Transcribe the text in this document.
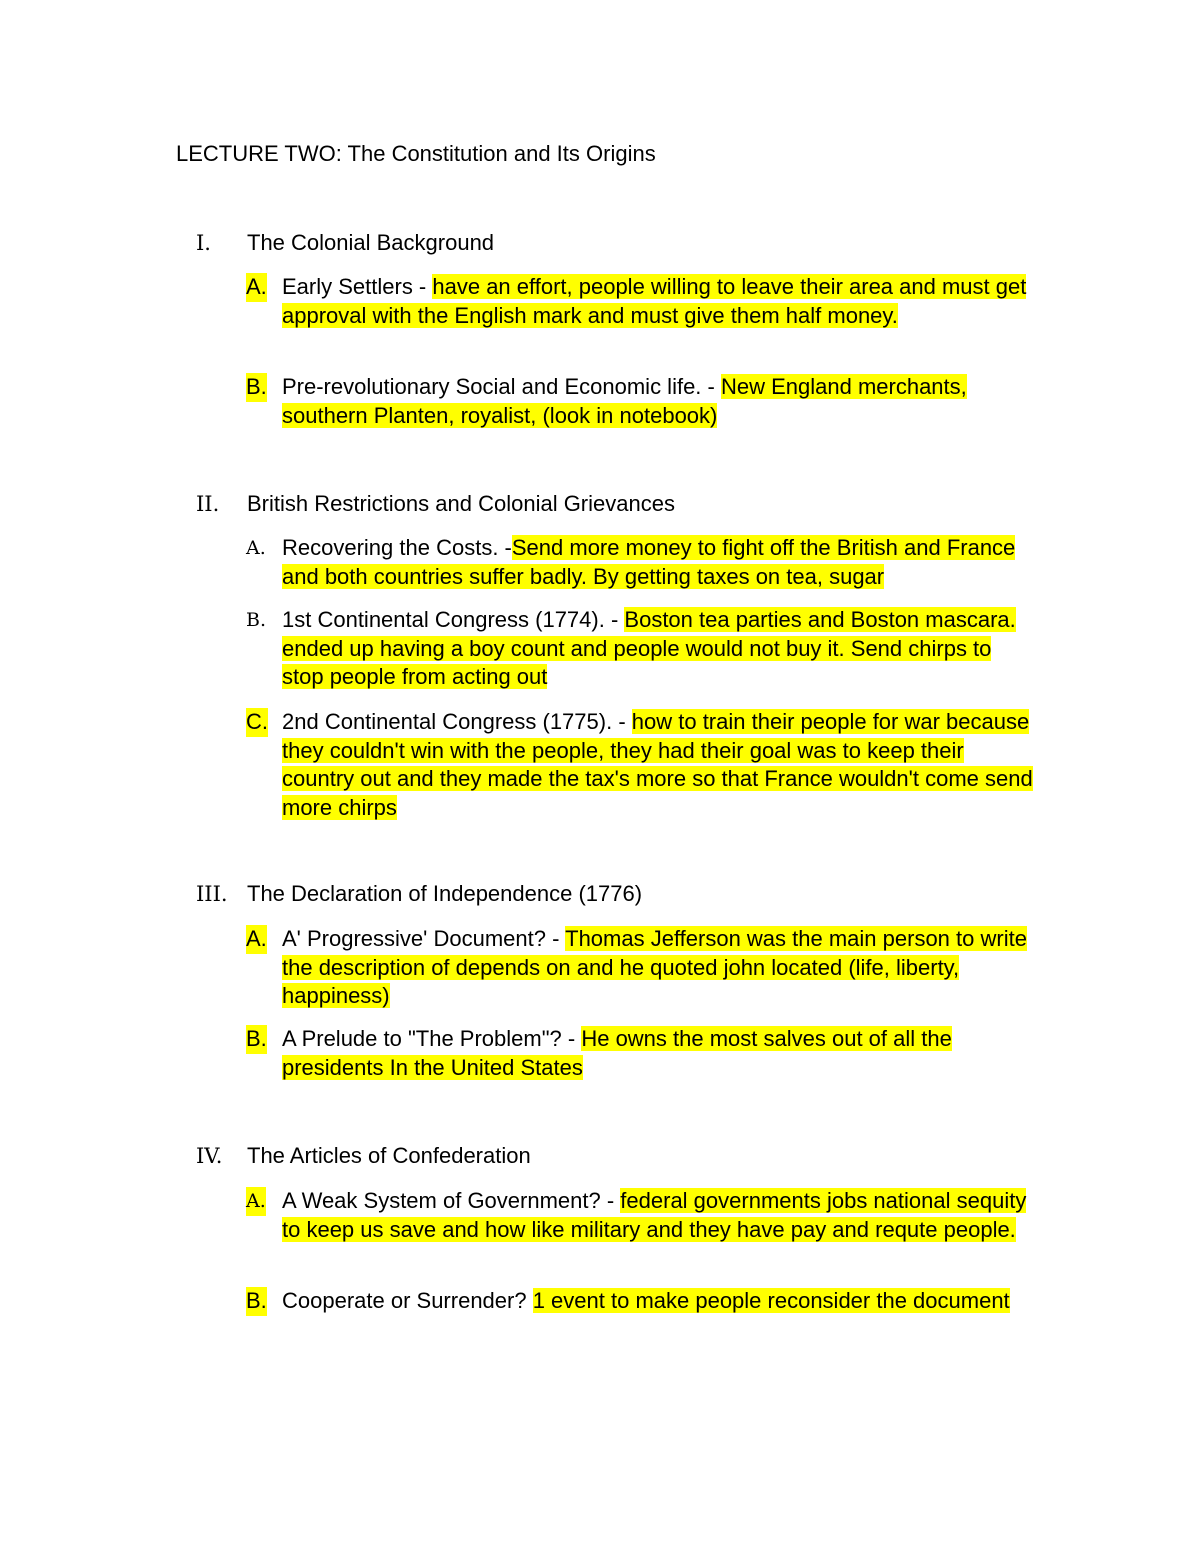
LECTURE TWO: The Constitution and Its Origins
I.	The Colonial Background
A. Early Settlers - have an effort, people willing to leave their area and must get approval with the English mark and must give them half money.
B. Pre-revolutionary Social and Economic life. - New England merchants, southern Planten, royalist, (look in notebook)
II.	British Restrictions and Colonial Grievances
A. Recovering the Costs. -Send more money to fight off the British and France and both countries suffer badly. By getting taxes on tea, sugar
B. 1st Continental Congress (1774). - Boston tea parties and Boston mascara. ended up having a boy count and people would not buy it. Send chirps to stop people from acting out
C. 2nd Continental Congress (1775). - how to train their people for war because they couldn't win with the people, they had their goal was to keep their country out and they made the tax's more so that France wouldn't come send more chirps
III. The Declaration of Independence (1776)
A. A' Progressive' Document? - Thomas Jefferson was the main person to write the description of depends on and he quoted john located (life, liberty, happiness)
B. A Prelude to "The Problem"? - He owns the most salves out of all the presidents In the United States
IV.	The Articles of Confederation
A. A Weak System of Government? - federal governments jobs national sequity to keep us save and how like military and they have pay and requte people.
B. Cooperate or Surrender? 1 event to make people reconsider the document
